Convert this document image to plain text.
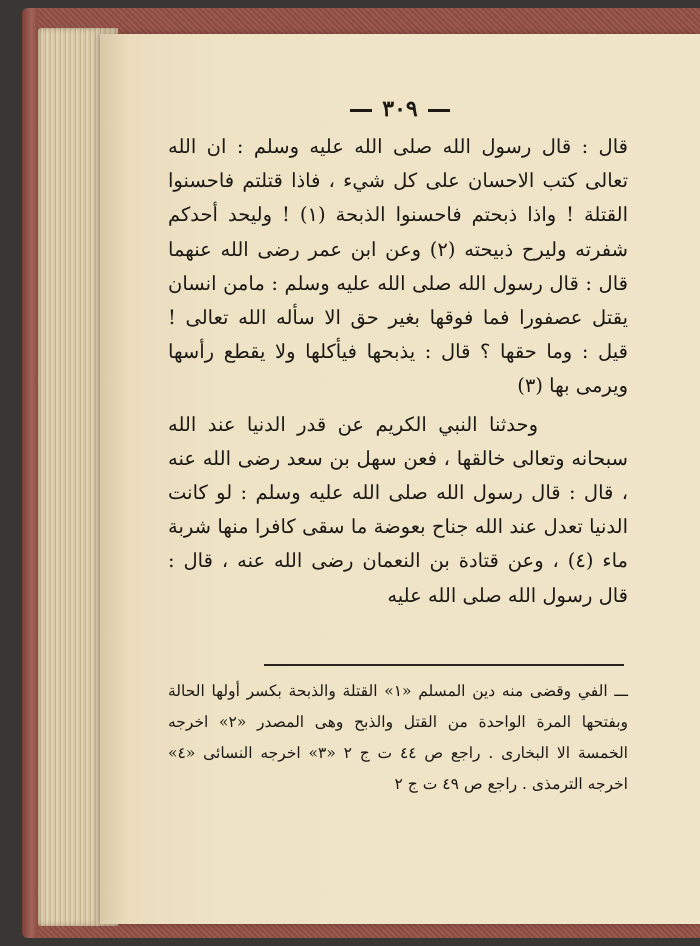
٣٠٩

قال : قال رسول الله صلى الله عليه وسلم : ان الله تعالى كتب الاحسان على كل شيء ، فاذا قتلتم فاحسنوا القتلة ! واذا ذبحتم فاحسنوا الذبحة (١) ! وليحد أحدكم شفرته وليرح ذبيحته (٢) وعن ابن عمر رضى الله عنهما قال : قال رسول الله صلى الله عليه وسلم : مامن انسان يقتل عصفورا فما فوقها بغير حق الا سأله الله تعالى ! قيل : وما حقها ؟ قال : يذبحها فيأكلها ولا يقطع رأسها ويرمى بها (٣)

وحدثنا النبي الكريم عن قدر الدنيا عند الله سبحانه وتعالى خالقها ، فعن سهل بن سعد رضى الله عنه ، قال : قال رسول الله صلى الله عليه وسلم : لو كانت الدنيا تعدل عند الله جناح بعوضة ما سقى كافرا منها شربة ماء (٤) ، وعن قتادة بن النعمان رضى الله عنه ، قال : قال رسول الله صلى الله عليه

ـــ الفي وقضى منه دين المسلم «١» القتلة والذبحة بكسر أولها الحالة وبفتحها المرة الواحدة من القتل والذبح وهى المصدر «٢» اخرجه الخمسة الا البخارى . راجع ص ٤٤ ت ج ٢ «٣» اخرجه النسائى «٤» اخرجه الترمذى . راجع ص ٤٩ ت ج ٢
